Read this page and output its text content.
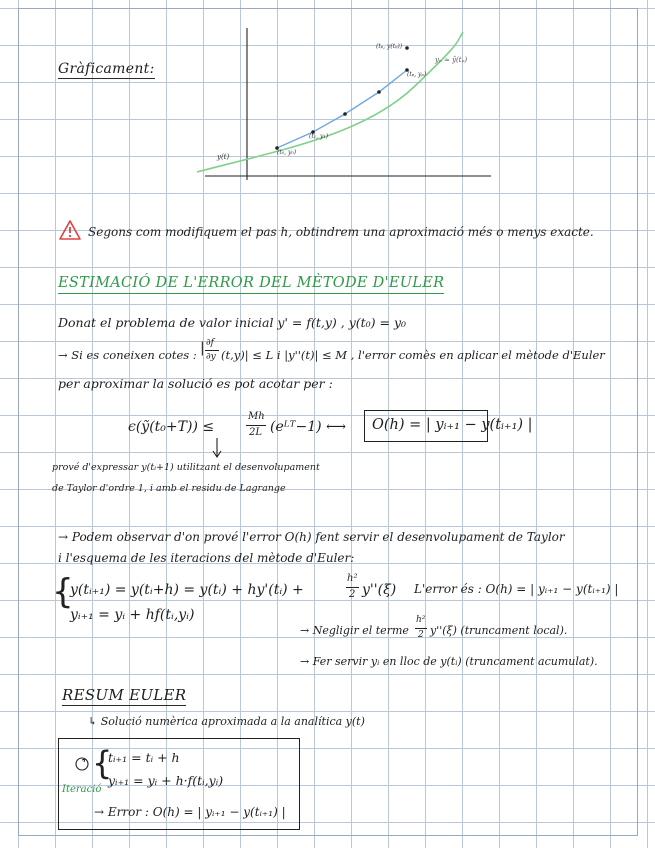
Gràficament:
y(t)
(t₀, y₀)
(t₁, y₁)
(tₚ, y(tₚ))
(tₚ, yₚ)
yₚ ≈ ŷ(tₚ)
Segons com modifiquem el pas h, obtindrem una aproximació més o menys exacte.
ESTIMACIÓ DE L'ERROR DEL MÈTODE D'EULER
Donat el problema de valor inicial y' = f(t,y) , y(t₀) = y₀
→ Si es coneixen cotes : | ∂f
∂y (t,y)| ≤ L i |y''(t)| ≤ M , l'error comès en aplicar el mètode d'Euler
per aproximar la solució es pot acotar per :
ϵ(ỹ(t₀+T)) ≤
Mh
2L (eᴸᵀ−1) ⟷ O(h) = | yᵢ₊₁ − y(tᵢ₊₁) |
prové d'expressar y(tᵢ+1) utilitzant el desenvolupament
de Taylor d'ordre 1, i amb el residu de Lagrange
→ Podem observar d'on prové l'error O(h) fent servir el desenvolupament de Taylor
i l'esquema de les iteracions del mètode d'Euler:
{
y(tᵢ₊₁) = y(tᵢ+h) = y(tᵢ) + hy'(tᵢ) +
h²
2 y''(ξ)
yᵢ₊₁ = yᵢ + hf(tᵢ,yᵢ)
L'error és : O(h) = | yᵢ₊₁ − y(tᵢ₊₁) |
→ Negligir el terme
h²
2 y''(ξ) (truncament local).
→ Fer servir yᵢ en lloc de y(tᵢ) (truncament acumulat).
RESUM EULER
↳ Solució numèrica aproximada a la analítica y(t)
{
tᵢ₊₁ = tᵢ + h
yᵢ₊₁ = yᵢ + h·f(tᵢ,yᵢ)
Iteració
→ Error : O(h) = | yᵢ₊₁ − y(tᵢ₊₁) |
